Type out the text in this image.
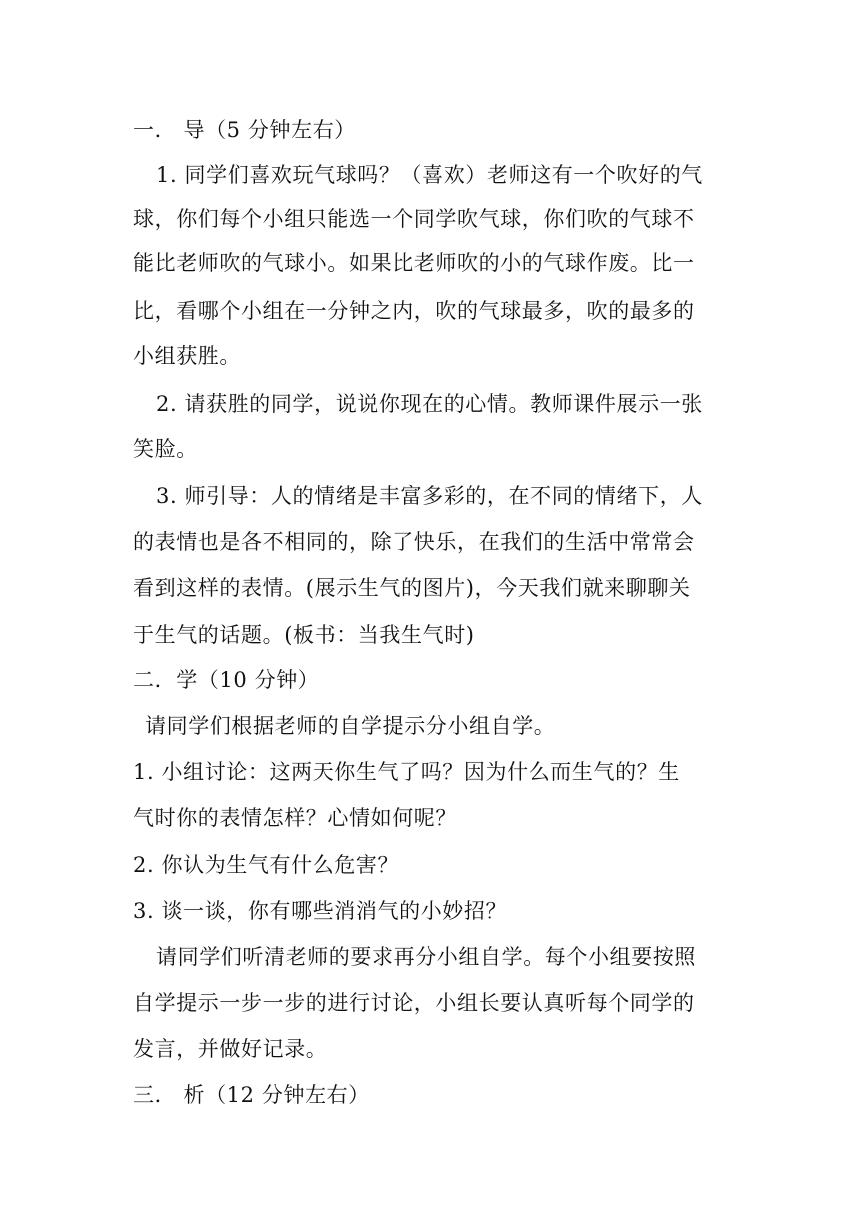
一． 导（5 分钟左右）
1. 同学们喜欢玩气球吗？（喜欢）老师这有一个吹好的气
球，你们每个小组只能选一个同学吹气球，你们吹的气球不
能比老师吹的气球小。如果比老师吹的小的气球作废。比一
比，看哪个小组在一分钟之内，吹的气球最多，吹的最多的
小组获胜。
2. 请获胜的同学，说说你现在的心情。教师课件展示一张
笑脸。
3. 师引导：人的情绪是丰富多彩的，在不同的情绪下，人
的表情也是各不相同的，除了快乐，在我们的生活中常常会
看到这样的表情。(展示生气的图片)，今天我们就来聊聊关
于生气的话题。(板书：当我生气时)
二．学（10 分钟）
请同学们根据老师的自学提示分小组自学。
1. 小组讨论：这两天你生气了吗？因为什么而生气的？生
气时你的表情怎样？心情如何呢？
2. 你认为生气有什么危害？
3. 谈一谈，你有哪些消消气的小妙招？
请同学们听清老师的要求再分小组自学。每个小组要按照
自学提示一步一步的进行讨论，小组长要认真听每个同学的
发言，并做好记录。
三． 析（12 分钟左右）
